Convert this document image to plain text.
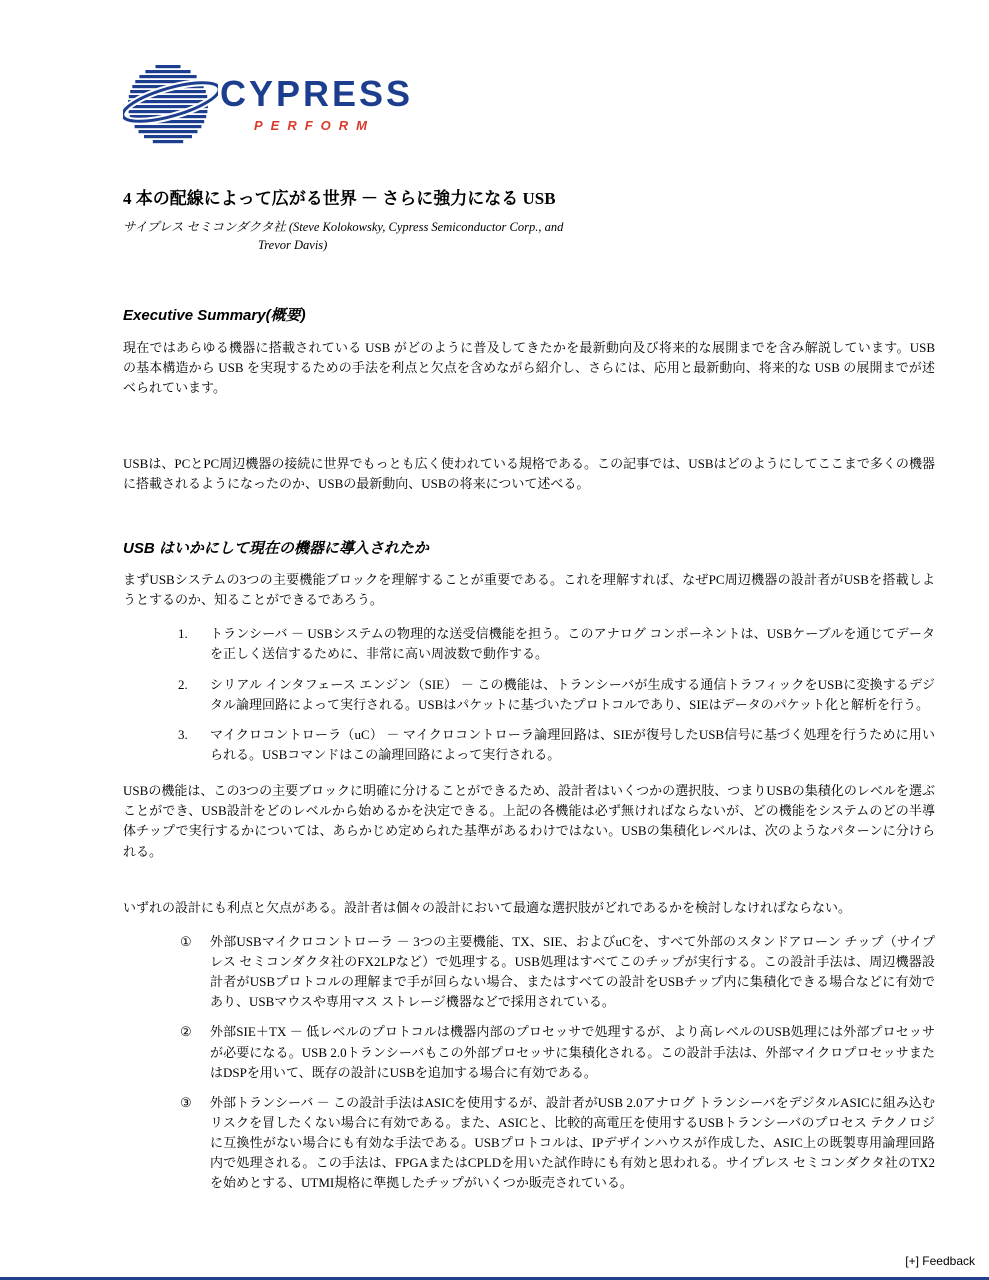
CYPRESS
PERFORM
4 本の配線によって広がる世界 － さらに強力になる USB
サイプレス セミコンダクタ社 (Steve Kolokowsky, Cypress Semiconductor Corp., and
Trevor Davis)
Executive Summary(概要)

現在ではあらゆる機器に搭載されている USB がどのように普及してきたかを最新動向及び将来的な展開までを含み解説しています。USB の基本構造から USB を実現するための手法を利点と欠点を含めながら紹介し、さらには、応用と最新動向、将来的な USB の展開までが述べられています。

USBは、PCとPC周辺機器の接続に世界でもっとも広く使われている規格である。この記事では、USBはどのようにしてここまで多くの機器に搭載されるようになったのか、USBの最新動向、USBの将来について述べる。

USB はいかにして現在の機器に導入されたか

まずUSBシステムの3つの主要機能ブロックを理解することが重要である。これを理解すれば、なぜPC周辺機器の設計者がUSBを搭載しようとするのか、知ることができるであろう。

1.	トランシーバ － USBシステムの物理的な送受信機能を担う。このアナログ コンポーネントは、USBケーブルを通じてデータを正しく送信するために、非常に高い周波数で動作する。
2.	シリアル インタフェース エンジン（SIE） － この機能は、トランシーバが生成する通信トラフィックをUSBに変換するデジタル論理回路によって実行される。USBはパケットに基づいたプロトコルであり、SIEはデータのパケット化と解析を行う。
3.	マイクロコントローラ（uC） － マイクロコントローラ論理回路は、SIEが復号したUSB信号に基づく処理を行うために用いられる。USBコマンドはこの論理回路によって実行される。

USBの機能は、この3つの主要ブロックに明確に分けることができるため、設計者はいくつかの選択肢、つまりUSBの集積化のレベルを選ぶことができ、USB設計をどのレベルから始めるかを決定できる。上記の各機能は必ず無ければならないが、どの機能をシステムのどの半導体チップで実行するかについては、あらかじめ定められた基準があるわけではない。USBの集積化レベルは、次のようなパターンに分けられる。

いずれの設計にも利点と欠点がある。設計者は個々の設計において最適な選択肢がどれであるかを検討しなければならない。

①	外部USBマイクロコントローラ － 3つの主要機能、TX、SIE、およびuCを、すべて外部のスタンドアローン チップ（サイプレス セミコンダクタ社のFX2LPなど）で処理する。USB処理はすべてこのチップが実行する。この設計手法は、周辺機器設計者がUSBプロトコルの理解まで手が回らない場合、またはすべての設計をUSBチップ内に集積化できる場合などに有効であり、USBマウスや専用マス ストレージ機器などで採用されている。
②	外部SIE＋TX － 低レベルのプロトコルは機器内部のプロセッサで処理するが、より高レベルのUSB処理には外部プロセッサが必要になる。USB 2.0トランシーバもこの外部プロセッサに集積化される。この設計手法は、外部マイクロプロセッサまたはDSPを用いて、既存の設計にUSBを追加する場合に有効である。
③	外部トランシーバ － この設計手法はASICを使用するが、設計者がUSB 2.0アナログ トランシーバをデジタルASICに組み込むリスクを冒したくない場合に有効である。また、ASICと、比較的高電圧を使用するUSBトランシーバのプロセス テクノロジに互換性がない場合にも有効な手法である。USBプロトコルは、IPデザインハウスが作成した、ASIC上の既製専用論理回路内で処理される。この手法は、FPGAまたはCPLDを用いた試作時にも有効と思われる。サイプレス セミコンダクタ社のTX2を始めとする、UTMI規格に準拠したチップがいくつか販売されている。
[+] Feedback
